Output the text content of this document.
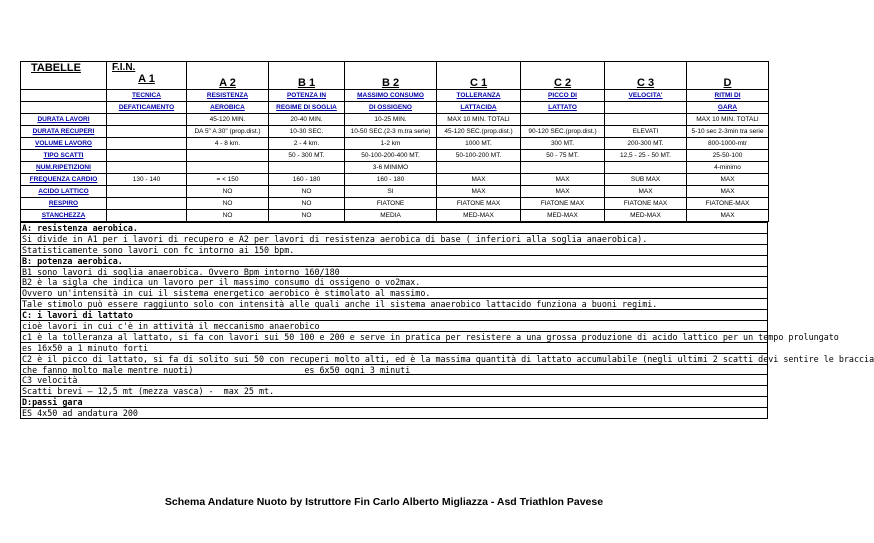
TABELLE	F.I.N.
A 1	A 2	B 1	B 2	C 1	C 2	C 3	D
	TECNICA	RESISTENZA	POTENZA IN	MASSIMO CONSUMO	TOLLERANZA	PICCO DI	VELOCITA'	RITMI DI
	DEFATICAMENTO	AEROBICA	REGIME DI SOGLIA	DI OSSIGENO	LATTACIDA	LATTATO		GARA
DURATA LAVORI		45-120 MIN.	20-40 MIN.	10-25 MIN.	MAX 10 MIN. TOTALI			MAX 10 MIN. TOTALI
DURATA RECUPERI		DA 5" A 30" (prop.dist.)	10-30 SEC.	10-50 SEC.(2-3 m.tra serie)	45-120 SEC.(prop.dist.)	90-120 SEC.(prop.dist.)	ELEVATI	5-10 sec 2-3min tra serie
VOLUME LAVORO		4 - 8 km.	2 - 4 km.	1-2 km	1000 MT.	300 MT.	200-300 MT.	800-1000-mtr
TIPO SCATTI			50 - 300 MT.	50-100-200-400 MT.	50-100-200 MT.	50 - 75 MT.	12,5 - 25 - 50 MT.	25-50-100
NUM.RIPETIZIONI				3-6 MINIMO				4-minimo
FREQUENZA CARDIO	130 - 140	= < 150	160 - 180	160 - 180	MAX	MAX	SUB MAX	MAX
ACIDO LATTICO		NO	NO	SI	MAX	MAX	MAX	MAX
RESPIRO		NO	NO	FIATONE	FIATONE MAX	FIATONE MAX	FIATONE MAX	FIATONE-MAX
STANCHEZZA		NO	NO	MEDIA	MED-MAX	MED-MAX	MED-MAX	MAX
A: resistenza aerobica.
Si divide in A1 per i lavori di recupero e A2 per lavori di resistenza aerobica di base ( inferiori alla soglia anaerobica).
Statisticamente sono lavori con fc intorno ai 150 bpm.
B: potenza aerobica.
B1 sono lavori di soglia anaerobica. Ovvero Bpm intorno 160/180
B2 è la sigla che indica un lavoro per il massimo consumo di ossigeno o vo2max.
Ovvero un'intensità in cui il sistema energetico aerobico è stimolato al massimo.
Tale stimolo può essere raggiunto solo con intensità alle quali anche il sistema anaerobico lattacido funziona a buoni regimi.
C: i lavori di lattato
cioè lavori in cui c'è in attività il meccanismo anaerobico
c1 è la tolleranza al lattato, si fa con lavori sui 50 100 e 200 e serve in pratica per resistere a una grossa produzione di acido lattico per un tempo prolungato
es 16x50 a 1 minuto forti
C2 è il picco di lattato, si fa di solito sui 50 con recuperi molto alti, ed è la massima quantità di lattato accumulabile (negli ultimi 2 scatti devi sentire le braccia
che fanno molto male mentre nuoti)                      es 6x50 ogni 3 minuti
C3 velocità
Scatti brevi – 12,5 mt (mezza vasca) -  max 25 mt.
D:passi gara
ES 4x50 ad andatura 200
Schema Andature Nuoto by Istruttore Fin Carlo Alberto Migliazza - Asd Triathlon Pavese
